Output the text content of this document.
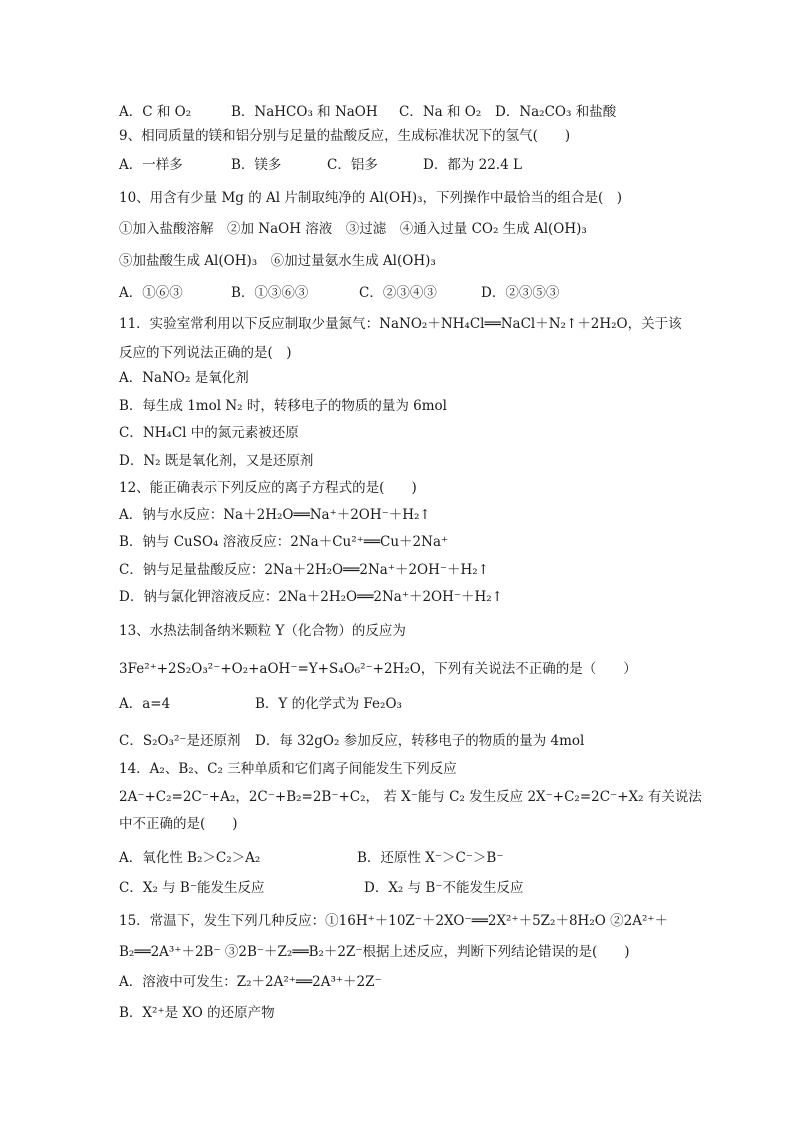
A．C 和 O₂	B．NaHCO₃ 和 NaOH C．Na 和 O₂ D．Na₂CO₃ 和盐酸
9、相同质量的镁和铝分别与足量的盐酸反应，生成标准状况下的氢气(　　)
A．一样多	B．镁多	C．铝多	D．都为 22.4 L
10、用含有少量 Mg 的 Al 片制取纯净的 Al(OH)₃，下列操作中最恰当的组合是(　)
①加入盐酸溶解　②加 NaOH 溶液　③过滤　④通入过量 CO₂ 生成 Al(OH)₃
⑤加盐酸生成 Al(OH)₃　⑥加过量氨水生成 Al(OH)₃
A．①⑥③	B．①③⑥③	C．②③④③	D．②③⑤③
11．实验室常利用以下反应制取少量氮气：NaNO₂＋NH₄Cl══NaCl＋N₂↑＋2H₂O，关于该
反应的下列说法正确的是(　)
A．NaNO₂ 是氧化剂
B．每生成 1mol N₂ 时，转移电子的物质的量为 6mol
C．NH₄Cl 中的氮元素被还原
D．N₂ 既是氧化剂，又是还原剂
12、能正确表示下列反应的离子方程式的是(　　)
A．钠与水反应：Na＋2H₂O══Na⁺＋2OH⁻＋H₂↑
B．钠与 CuSO₄ 溶液反应：2Na＋Cu²⁺══Cu＋2Na⁺
C．钠与足量盐酸反应：2Na＋2H₂O══2Na⁺＋2OH⁻＋H₂↑
D．钠与氯化钾溶液反应：2Na＋2H₂O══2Na⁺＋2OH⁻＋H₂↑
13、水热法制备纳米颗粒 Y（化合物）的反应为
3Fe²⁺+2S₂O₃²⁻+O₂+aOH⁻=Y+S₄O₆²⁻+2H₂O，下列有关说法不正确的是（　　）
A．a=4	B．Y 的化学式为 Fe₂O₃
C．S₂O₃²⁻是还原剂 D．每 32gO₂ 参加反应，转移电子的物质的量为 4mol
14．A₂、B₂、C₂ 三种单质和它们离子间能发生下列反应
2A⁻+C₂=2C⁻+A₂，2C⁻+B₂=2B⁻+C₂， 若 X⁻能与 C₂ 发生反应 2X⁻+C₂=2C⁻+X₂ 有关说法
中不正确的是(　　)
A．氧化性 B₂＞C₂＞A₂	B．还原性 X⁻＞C⁻＞B⁻
C．X₂ 与 B⁻能发生反应	D．X₂ 与 B⁻不能发生反应
15．常温下，发生下列几种反应：①16H⁺＋10Z⁻＋2XO⁻══2X²⁺＋5Z₂＋8H₂O ②2A²⁺＋
B₂══2A³⁺＋2B⁻ ③2B⁻＋Z₂══B₂＋2Z⁻根据上述反应，判断下列结论错误的是(　　)
A．溶液中可发生：Z₂＋2A²⁺══2A³⁺＋2Z⁻
B．X²⁺是 XO 的还原产物
